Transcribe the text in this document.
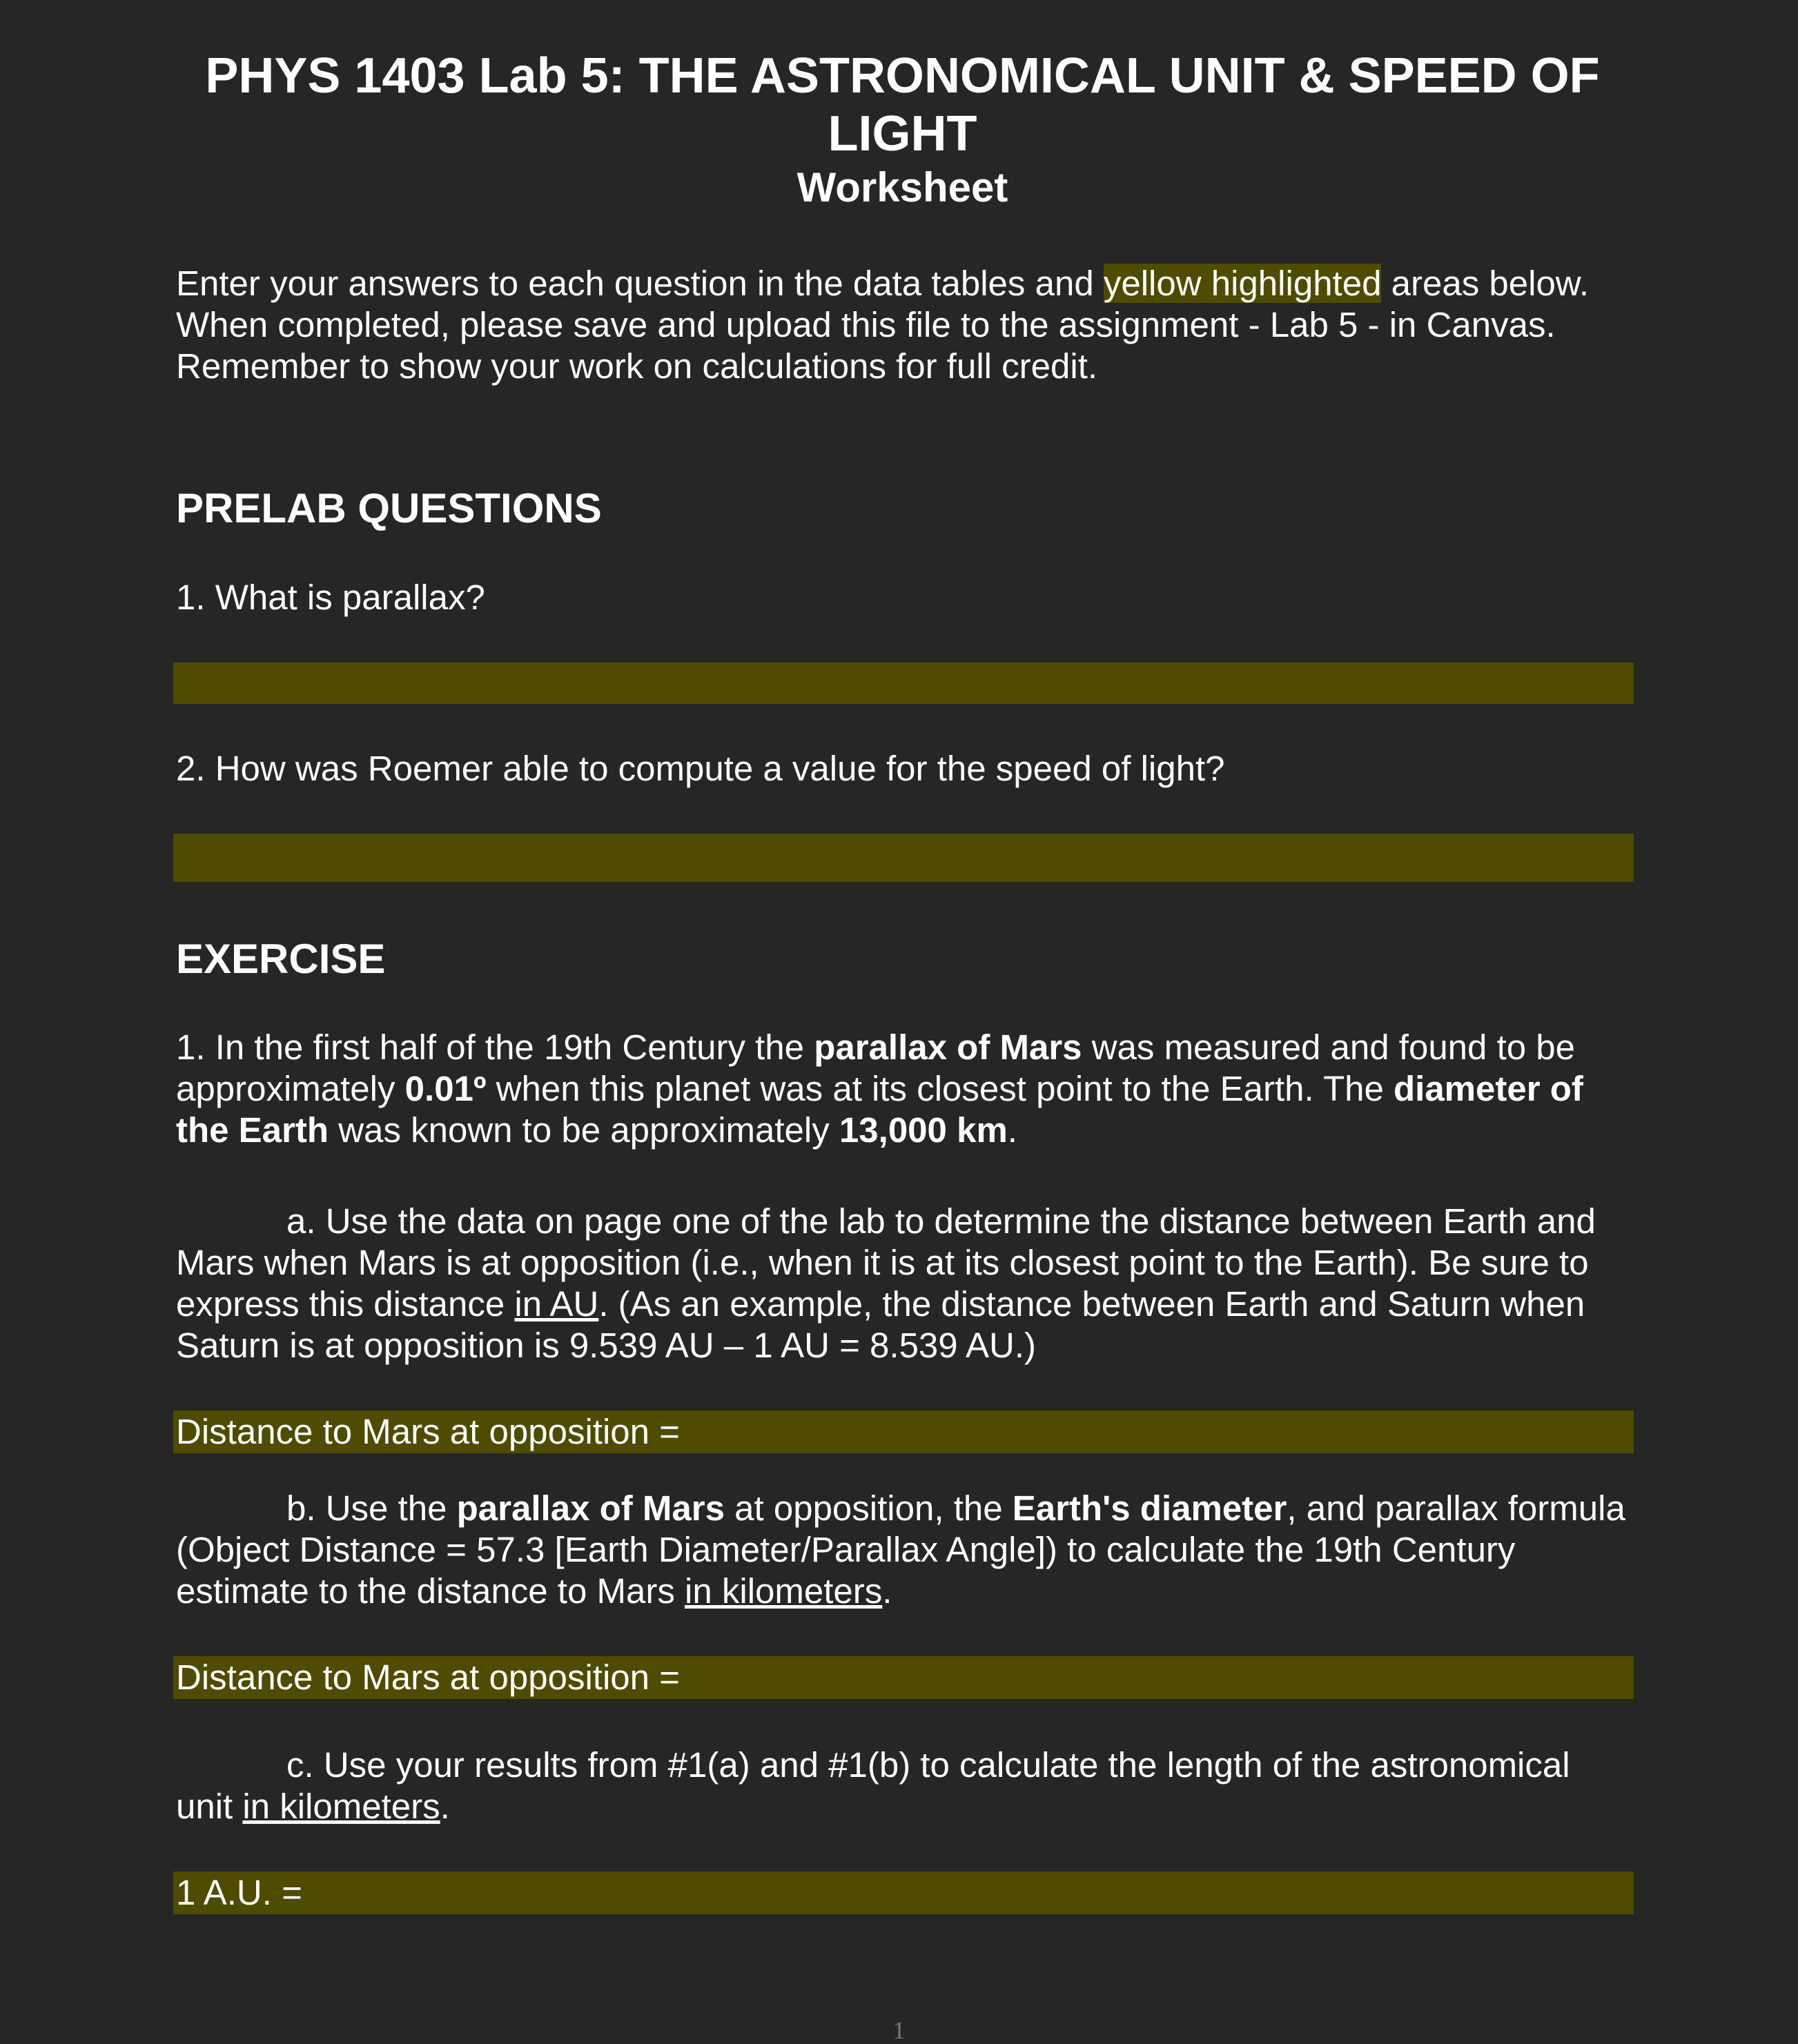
PHYS 1403 Lab 5: THE ASTRONOMICAL UNIT & SPEED OF
LIGHT
Worksheet

Enter your answers to each question in the data tables and yellow highlighted areas below. When completed, please save and upload this file to the assignment - Lab 5 - in Canvas. Remember to show your work on calculations for full credit.

PRELAB QUESTIONS

1. What is parallax?

2. How was Roemer able to compute a value for the speed of light?

EXERCISE

1. In the first half of the 19th Century the parallax of Mars was measured and found to be approximately 0.01º when this planet was at its closest point to the Earth. The diameter of the Earth was known to be approximately 13,000 km.

a. Use the data on page one of the lab to determine the distance between Earth and Mars when Mars is at opposition (i.e., when it is at its closest point to the Earth). Be sure to express this distance in AU. (As an example, the distance between Earth and Saturn when Saturn is at opposition is 9.539 AU – 1 AU = 8.539 AU.)

Distance to Mars at opposition =

b. Use the parallax of Mars at opposition, the Earth's diameter, and parallax formula (Object Distance = 57.3 [Earth Diameter/Parallax Angle]) to calculate the 19th Century estimate to the distance to Mars in kilometers.

Distance to Mars at opposition =

c. Use your results from #1(a) and #1(b) to calculate the length of the astronomical unit in kilometers.

1 A.U. =
1
